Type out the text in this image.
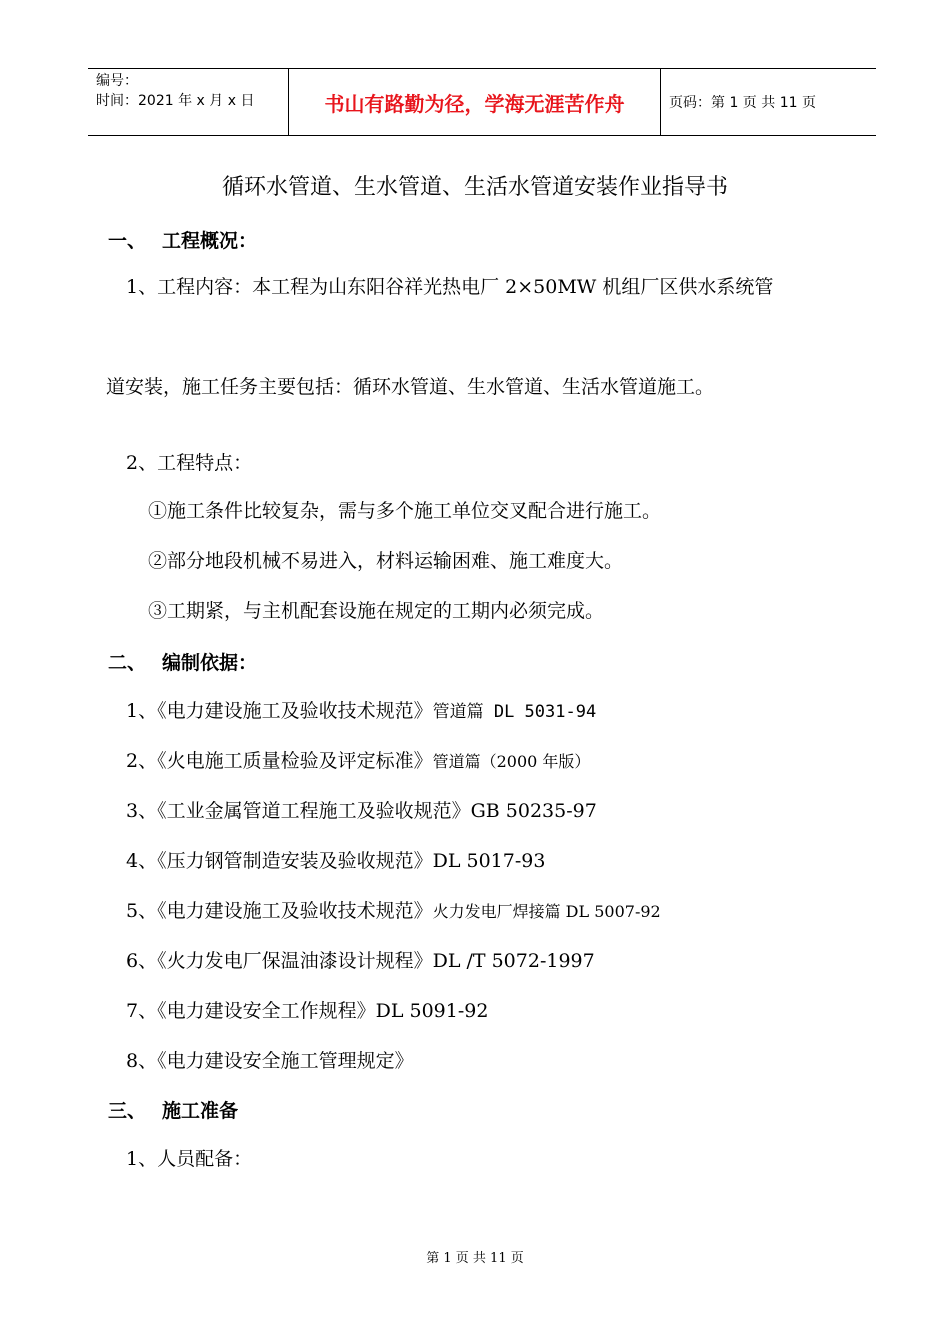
编号：
时间：2021 年 x 月 x 日	书山有路勤为径，学海无涯苦作舟	页码：第 1 页 共 11 页
循环水管道、生水管道、生活水管道安装作业指导书
一、 工程概况：
1、工程内容：本工程为山东阳谷祥光热电厂 2×50MW 机组厂区供水系统管
道安装，施工任务主要包括：循环水管道、生水管道、生活水管道施工。
2、工程特点：
①施工条件比较复杂，需与多个施工单位交叉配合进行施工。
②部分地段机械不易进入，材料运输困难、施工难度大。
③工期紧，与主机配套设施在规定的工期内必须完成。
二、 编制依据：
1、《电力建设施工及验收技术规范》管道篇 DL 5031-94
2、《火电施工质量检验及评定标准》管道篇（2000 年版）
3、《工业金属管道工程施工及验收规范》GB 50235-97
4、《压力钢管制造安装及验收规范》DL 5017-93
5、《电力建设施工及验收技术规范》火力发电厂焊接篇 DL 5007-92
6、《火力发电厂保温油漆设计规程》DL /T 5072-1997
7、《电力建设安全工作规程》DL 5091-92
8、《电力建设安全施工管理规定》
三、 施工准备
1、人员配备：
第 1 页 共 11 页
